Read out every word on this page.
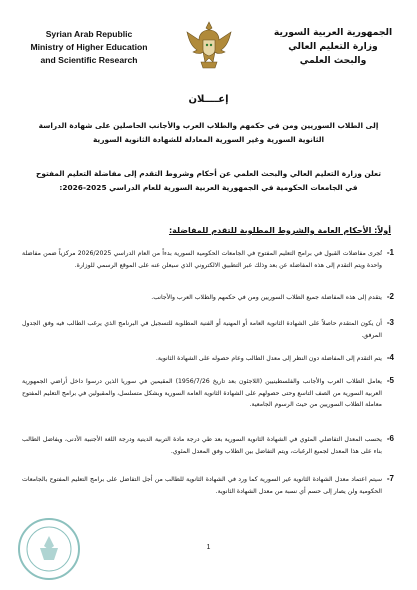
Syrian Arab Republic
Ministry of Higher Education
and Scientific Research
الجمهورية العربية السورية
وزارة التعليم العالي
والبحث العلمي
إعــــلان
إلى الطلاب السوريين ومن في حكمهم والطلاب العرب والأجانب الحاصلين على شهادة الدراسة الثانوية السورية وغير السورية المعادلة للشهادة الثانوية السورية
تعلن وزارة التعليم العالي والبحث العلمي عن أحكام وشروط التقدم إلى مفاضلة التعليم المفتوح في الجامعات الحكومية في الجمهورية العربية السورية للعام الدراسي 2025-2026:
أولاً: الأحكام العامة والشروط المطلوبة للتقدم للمفاضلة:
1-
تُجرى مفاضلات القبول في برامج التعليم المفتوح في الجامعات الحكومية السورية بدءاً من العام الدراسي 2026/2025 مركزياً ضمن مفاضلة واحدة ويتم التقدم إلى هذه المفاضلة عن بعد وذلك عبر التطبيق الالكتروني الذي سيعلن عنه على الموقع الرسمي للوزارة.
2-
يتقدم إلى هذه المفاضلة جميع الطلاب السوريين ومن في حكمهم والطلاب العرب والأجانب.
3-
أن يكون المتقدم حاصلاً على الشهادة الثانوية العامة أو المهنية أو الفنية المطلوبة للتسجيل في البرنامج الذي يرغب الطالب فيه وفق الجدول المرفق.
4-
يتم التقدم إلى المفاضلة دون النظر إلى معدل الطالب وعام حصوله على الشهادة الثانوية.
5-
يعامل الطلاب العرب والأجانب والفلسطينيين (اللاجئون بعد تاريخ 1956/7/26) المقيمين في سوريا الذين درسوا داخل أراضي الجمهورية العربية السورية من الصف التاسع وحتى حصولهم على الشهادة الثانوية العامة السورية وبشكل متسلسل، والمقبولين في برامج التعليم المفتوح معاملة الطلاب السوريين من حيث الرسوم الجامعية.
6-
يحسب المعدل التفاضلي المئوي في الشهادة الثانوية السورية بعد طي درجة مادة التربية الدينية ودرجة اللغة الأجنبية الأدنى، ويفاضل الطالب بناء على هذا المعدل لجميع الرغبات، ويتم التفاضل بين الطلاب وفق المعدل المئوي.
7-
سيتم اعتماد معدل الشهادة الثانوية غير السورية كما ورد في الشهادة الثانوية للطالب من أجل التفاضل على برامج التعليم المفتوح بالجامعات الحكومية ولن يصار إلى حسم أي نسبة من معدل الشهادة الثانوية.
1
